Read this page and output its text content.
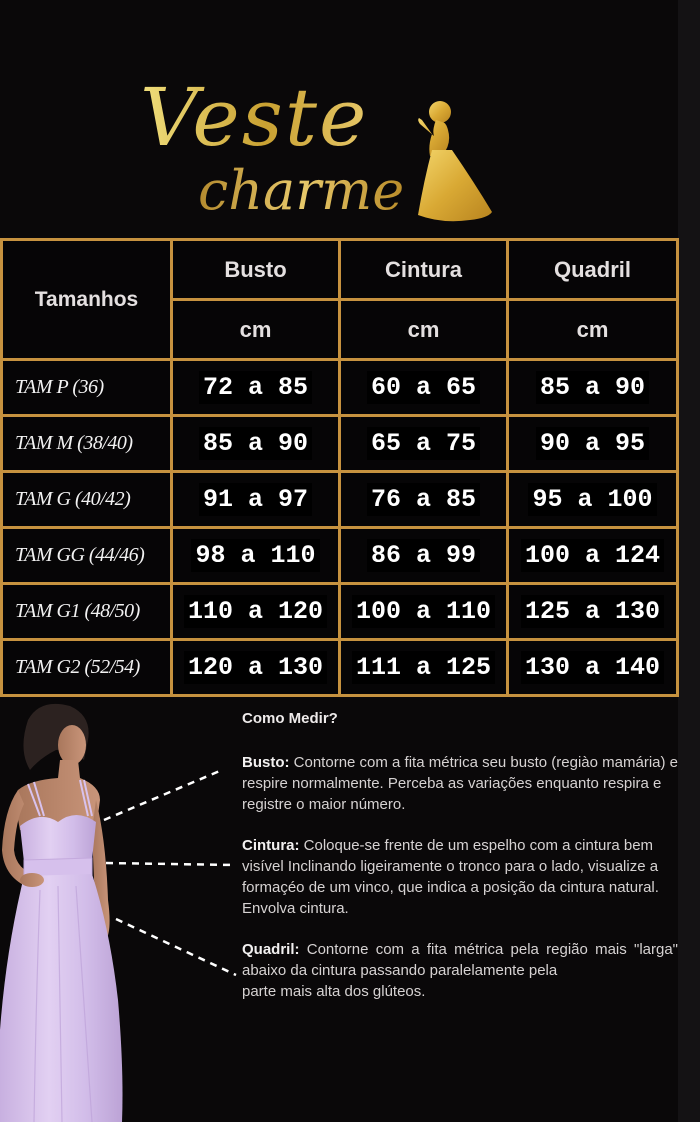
Veste
charme
Tamanhos	Busto	Cintura	Quadril
	cm	cm	cm
TAM P (36)	72 a 85	60 a 65	85 a 90
TAM M (38/40)	85 a 90	65 a 75	90 a 95
TAM G (40/42)	91 a 97	76 a 85	95 a 100
TAM GG (44/46)	98 a 110	86 a 99	100 a 124
TAM G1 (48/50)	110 a 120	100 a 110	125 a 130
TAM G2 (52/54)	120 a 130	111 a 125	130 a 140
Como Medir?
Busto: Contorne com a fita métrica seu busto (regiào mamária) e respire normalmente. Perceba as variações enquanto respira e registre o maior número.
Cintura: Coloque-se frente de um espelho com a cintura bem visível Inclinando ligeiramente o tronco para o lado, visualize a formaçéo de um vinco, que indica a posição da cintura natural. Envolva cintura.
Quadril: Contorne com a fita métrica pela região mais "larga"
abaixo da cintura passando paralelamente pela
parte mais alta dos glúteos.
